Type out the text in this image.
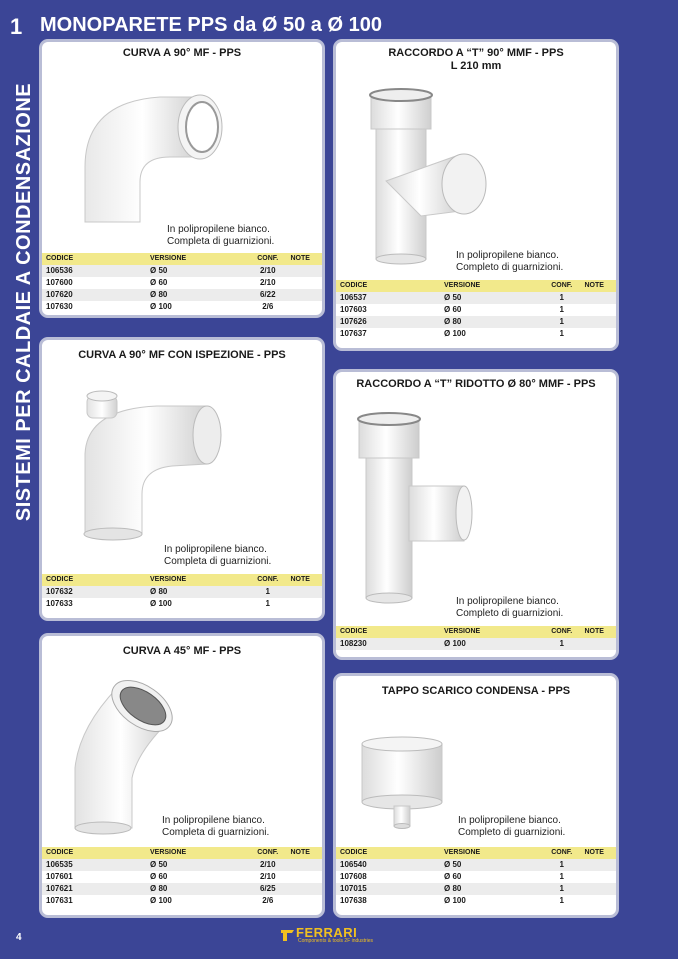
1
SISTEMI PER CALDAIE A CONDENSAZIONE
MONOPARETE PPS da Ø 50 a Ø 100
CURVA A 90° MF - PPS
In polipropilene bianco.
Completa di guarnizioni.
CODICE	VERSIONE	CONF.	NOTE
106536	Ø 50	2/10	
107600	Ø 60	2/10	
107620	Ø 80	6/22	
107630	Ø 100	2/6	
RACCORDO A “T” 90° MMF - PPS
L 210 mm
In polipropilene bianco.
Completo di guarnizioni.
CODICE	VERSIONE	CONF.	NOTE
106537	Ø 50	1	
107603	Ø 60	1	
107626	Ø 80	1	
107637	Ø 100	1	
CURVA A 90° MF CON ISPEZIONE - PPS
In polipropilene bianco.
Completa di guarnizioni.
CODICE	VERSIONE	CONF.	NOTE
107632	Ø 80	1	
107633	Ø 100	1	
RACCORDO A “T” RIDOTTO Ø 80° MMF - PPS
In polipropilene bianco.
Completo di guarnizioni.
CODICE	VERSIONE	CONF.	NOTE
108230	Ø 100	1	
CURVA A 45° MF - PPS
In polipropilene bianco.
Completa di guarnizioni.
CODICE	VERSIONE	CONF.	NOTE
106535	Ø 50	2/10	
107601	Ø 60	2/10	
107621	Ø 80	6/25	
107631	Ø 100	2/6	
TAPPO SCARICO CONDENSA - PPS
In polipropilene bianco.
Completo di guarnizioni.
CODICE	VERSIONE	CONF.	NOTE
106540	Ø 50	1	
107608	Ø 60	1	
107015	Ø 80	1	
107638	Ø 100	1	
4	FERRARI
Components & tools 2F industries
